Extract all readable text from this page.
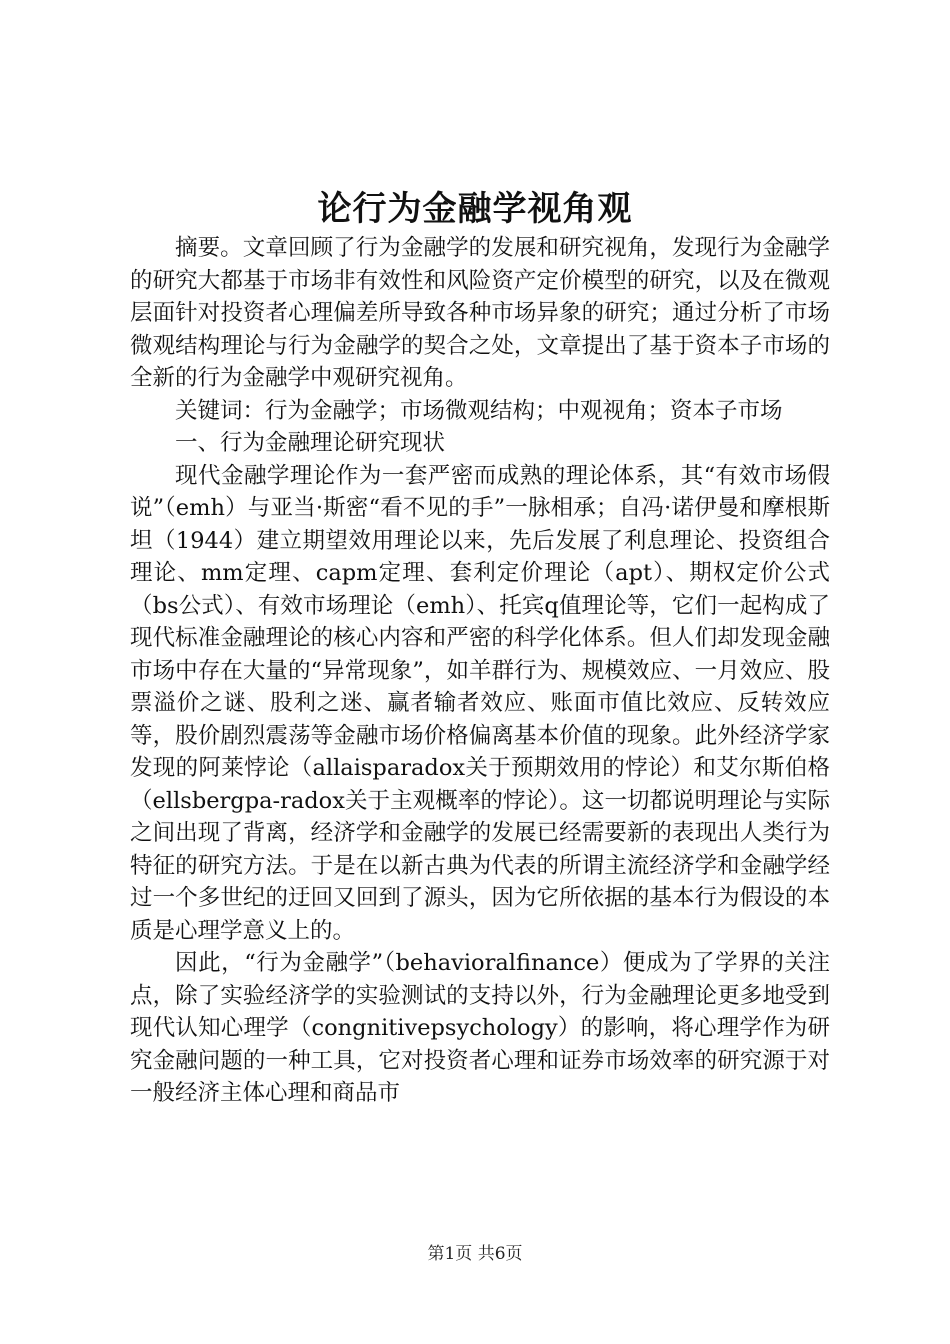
论行为金融学视角观

摘要。文章回顾了行为金融学的发展和研究视角，发现行为金融学的研究大都基于市场非有效性和风险资产定价模型的研究，以及在微观层面针对投资者心理偏差所导致各种市场异象的研究；通过分析了市场微观结构理论与行为金融学的契合之处，文章提出了基于资本子市场的全新的行为金融学中观研究视角。

关键词：行为金融学；市场微观结构；中观视角；资本子市场

一、行为金融理论研究现状

现代金融学理论作为一套严密而成熟的理论体系，其“有效市场假说”（emh）与亚当·斯密“看不见的手”一脉相承；自冯·诺伊曼和摩根斯坦（1944）建立期望效用理论以来，先后发展了利息理论、投资组合理论、mm定理、capm定理、套利定价理论（apt）、期权定价公式（bs公式）、有效市场理论（emh）、托宾q值理论等，它们一起构成了现代标准金融理论的核心内容和严密的科学化体系。但人们却发现金融市场中存在大量的“异常现象”，如羊群行为、规模效应、一月效应、股票溢价之谜、股利之迷、赢者输者效应、账面市值比效应、反转效应等，股价剧烈震荡等金融市场价格偏离基本价值的现象。此外经济学家发现的阿莱悖论（allaisparadox关于预期效用的悖论）和艾尔斯伯格（ellsbergpa-radox关于主观概率的悖论）。这一切都说明理论与实际之间出现了背离，经济学和金融学的发展已经需要新的表现出人类行为特征的研究方法。于是在以新古典为代表的所谓主流经济学和金融学经过一个多世纪的迂回又回到了源头，因为它所依据的基本行为假设的本质是心理学意义上的。

因此，“行为金融学”（behavioralfinance）便成为了学界的关注点，除了实验经济学的实验测试的支持以外，行为金融理论更多地受到现代认知心理学（congnitivepsychology）的影响，将心理学作为研究金融问题的一种工具，它对投资者心理和证券市场效率的研究源于对一般经济主体心理和商品市

第1页 共6页
